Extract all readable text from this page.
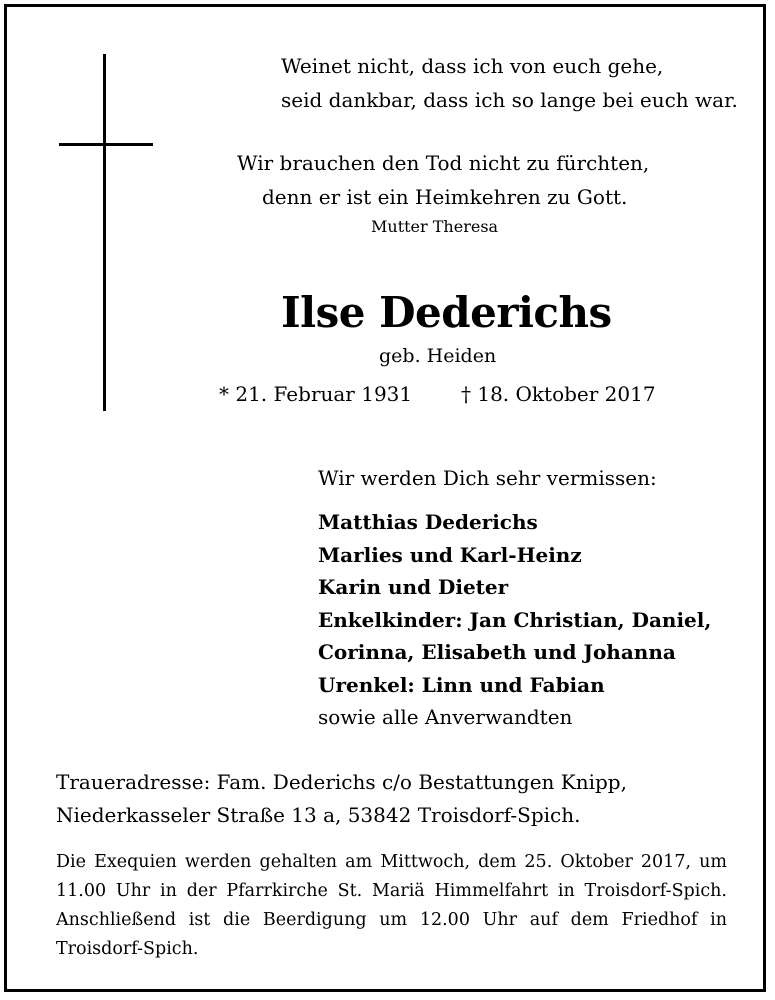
Weinet nicht, dass ich von euch gehe,
seid dankbar, dass ich so lange bei euch war.
Wir brauchen den Tod nicht zu fürchten,
denn er ist ein Heimkehren zu Gott.
Mutter Theresa
Ilse Dederichs
geb. Heiden
* 21. Februar 1931 † 18. Oktober 2017
Wir werden Dich sehr vermissen:
Matthias Dederichs
Marlies und Karl-Heinz
Karin und Dieter
Enkelkinder: Jan Christian, Daniel,
Corinna, Elisabeth und Johanna
Urenkel: Linn und Fabian
sowie alle Anverwandten
Traueradresse: Fam. Dederichs c/o Bestattungen Knipp,
Niederkasseler Straße 13 a, 53842 Troisdorf-Spich.
Die Exequien werden gehalten am Mittwoch, dem 25. Oktober 2017, um 11.00 Uhr in der Pfarrkirche St. Mariä Himmelfahrt in Troisdorf-Spich. Anschließend ist die Beerdigung um 12.00 Uhr auf dem Friedhof in Troisdorf-Spich.
